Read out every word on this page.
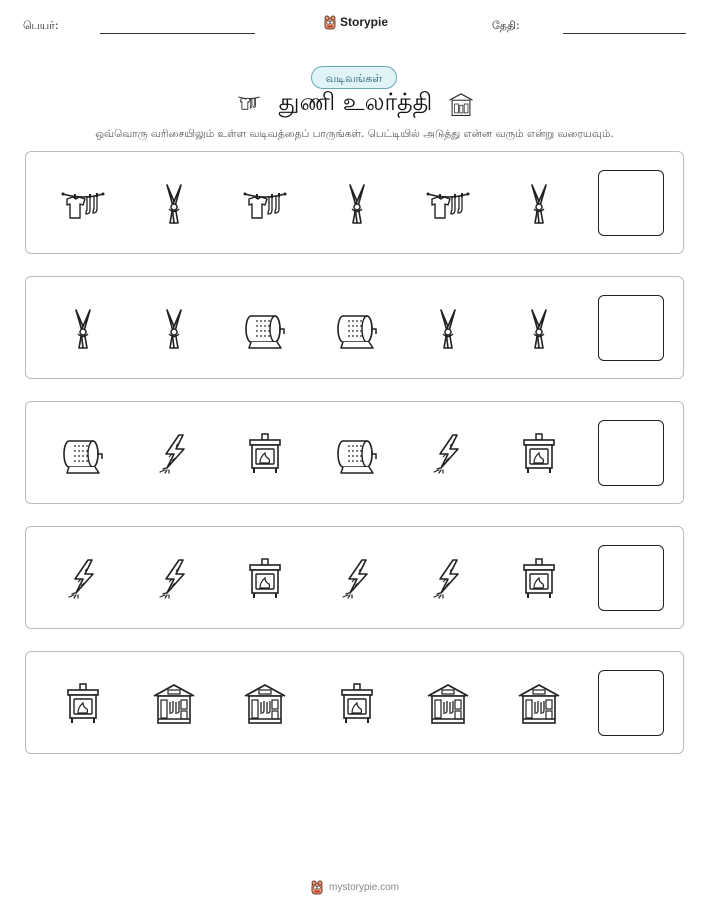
பெயர்:	Storypie	தேதி:
வடிவங்கள்
துணி உலர்த்தி
ஒவ்வொரு வரிசையிலும் உள்ள வடிவத்தைப் பாருங்கள். பெட்டியில் அடுத்து என்ன வரும் என்று வரையவும்.
mystorypie.com
